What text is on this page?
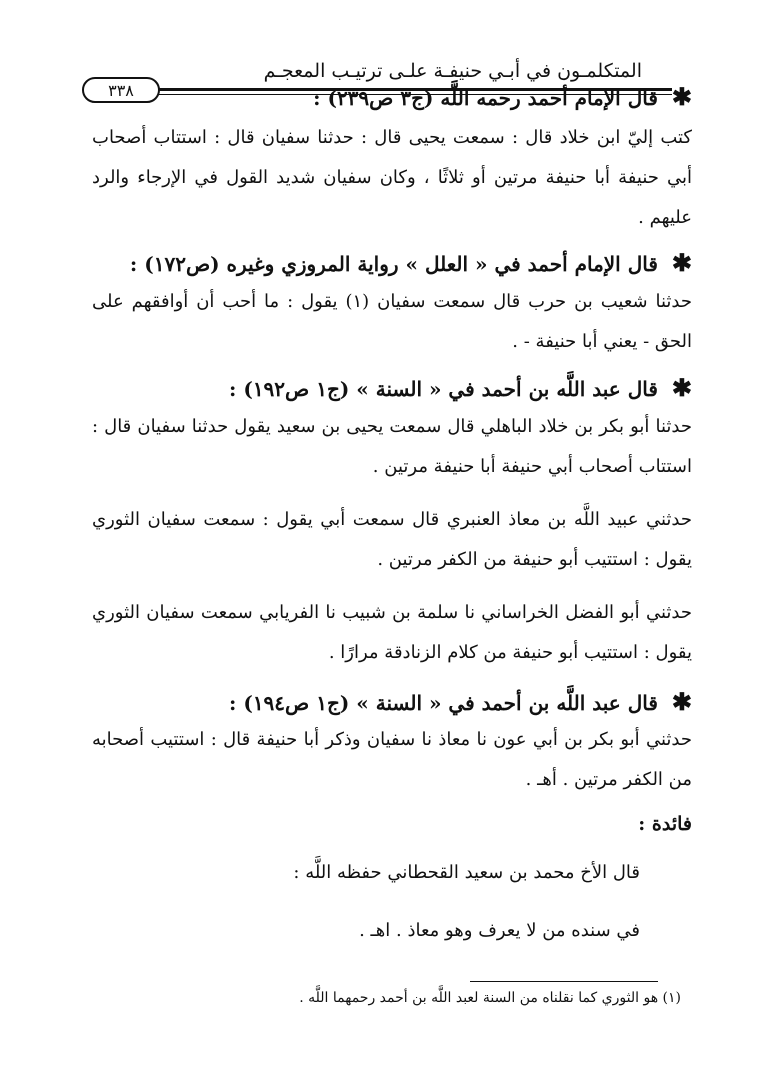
المتكلمـون في أبـي حنيفـة علـى ترتيـب المعجـم
٣٣٨	✱قال الإمام أحمد رحمه اللَّه (ج٣ ص٢٣٩) :
كتب إليّ ابن خلاد قال : سمعت يحيى قال : حدثنا سفيان قال : استتاب أصحاب أبي حنيفة أبا حنيفة مرتين أو ثلاثًا ، وكان سفيان شديد القول في الإرجاء والرد عليهم .
✱قال الإمام أحمد في « العلل » رواية المروزي وغيره (ص١٧٢) :
حدثنا شعيب بن حرب قال سمعت سفيان (١) يقول : ما أحب أن أوافقهم على الحق - يعني أبا حنيفة - .
✱قال عبد اللَّه بن أحمد في « السنة » (ج١ ص١٩٢) :
حدثنا أبو بكر بن خلاد الباهلي قال سمعت يحيى بن سعيد يقول حدثنا سفيان قال : استتاب أصحاب أبي حنيفة أبا حنيفة مرتين .
حدثني عبيد اللَّه بن معاذ العنبري قال سمعت أبي يقول : سمعت سفيان الثوري يقول : استتيب أبو حنيفة من الكفر مرتين .
حدثني أبو الفضل الخراساني نا سلمة بن شبيب نا الفريابي سمعت سفيان الثوري يقول : استتيب أبو حنيفة من كلام الزنادقة مرارًا .
✱قال عبد اللَّه بن أحمد في « السنة » (ج١ ص١٩٤) :
حدثني أبو بكر بن أبي عون نا معاذ نا سفيان وذكر أبا حنيفة قال : استتيب أصحابه من الكفر مرتين . أهـ .
فائدة :
قال الأخ محمد بن سعيد القحطاني حفظه اللَّه :
في سنده من لا يعرف وهو معاذ . اهـ .
(١) هو الثوري كما نقلناه من السنة لعبد اللَّه بن أحمد رحمهما اللَّه .
